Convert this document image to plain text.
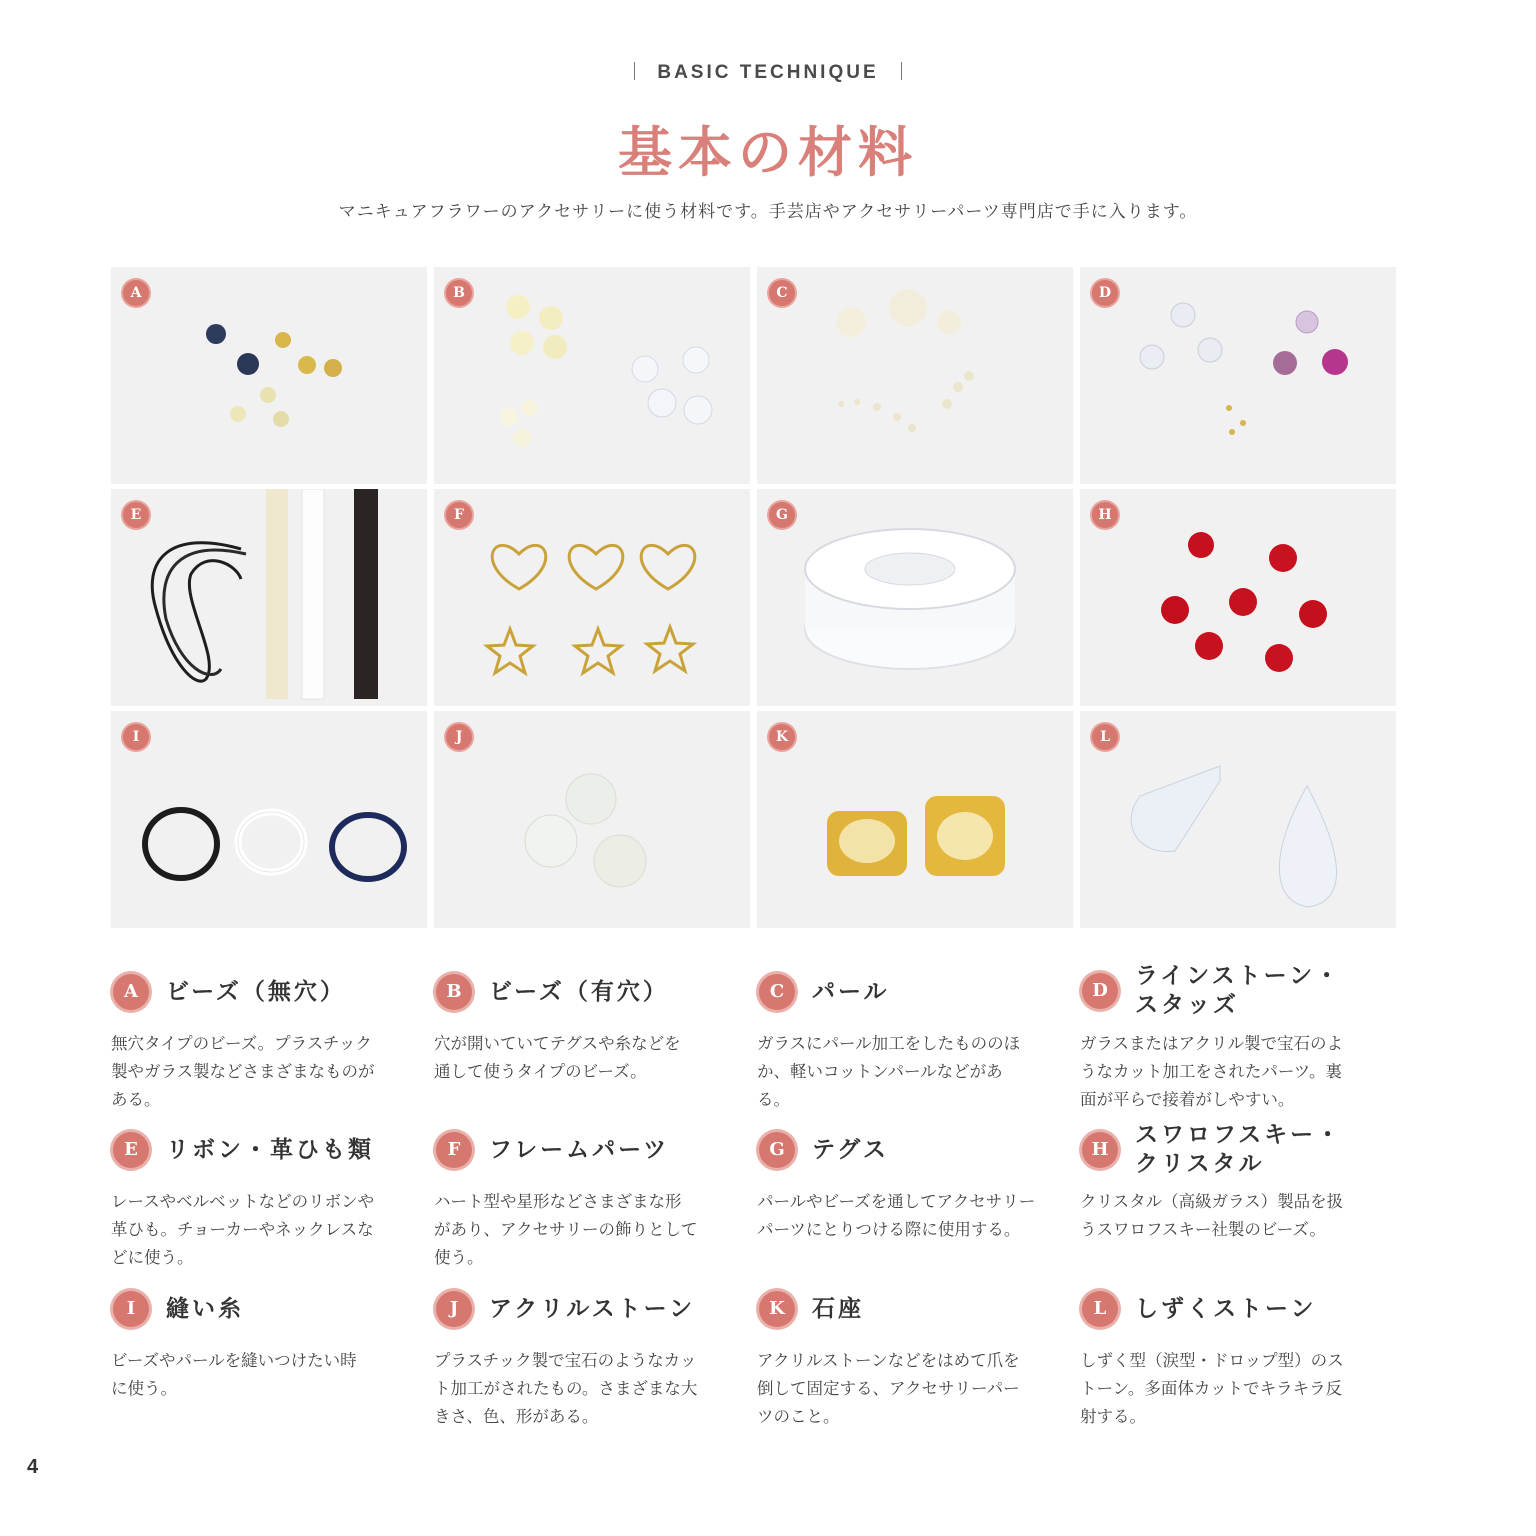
BASIC TECHNIQUE
基本の材料
マニキュアフラワーのアクセサリーに使う材料です。手芸店やアクセサリーパーツ専門店で手に入ります。
A	B	C	D
E	F	G	H
I	J	K	L
A	ビーズ（無穴）
無穴タイプのビーズ。プラスチック
製やガラス製などさまざまなものが
ある。
B	ビーズ（有穴）
穴が開いていてテグスや糸などを
通して使うタイプのビーズ。
C	パール
ガラスにパール加工をしたもののほ
か、軽いコットンパールなどがある。
D
ラインストーン・
スタッズ
ガラスまたはアクリル製で宝石のよ
うなカット加工をされたパーツ。裏
面が平らで接着がしやすい。
E	リボン・革ひも類
レースやベルベットなどのリボンや
革ひも。チョーカーやネックレスな
どに使う。
F	フレームパーツ
ハート型や星形などさまざまな形
があり、アクセサリーの飾りとして
使う。
G	テグス
パールやビーズを通してアクセサリー
パーツにとりつける際に使用する。
H
スワロフスキー・
クリスタル
クリスタル（高級ガラス）製品を扱
うスワロフスキー社製のビーズ。
I	縫い糸
ビーズやパールを縫いつけたい時
に使う。
J	アクリルストーン
プラスチック製で宝石のようなカッ
ト加工がされたもの。さまざまな大
きさ、色、形がある。
K	石座
アクリルストーンなどをはめて爪を
倒して固定する、アクセサリーパー
ツのこと。
L	しずくストーン
しずく型（涙型・ドロップ型）のス
トーン。多面体カットでキラキラ反
射する。
4
